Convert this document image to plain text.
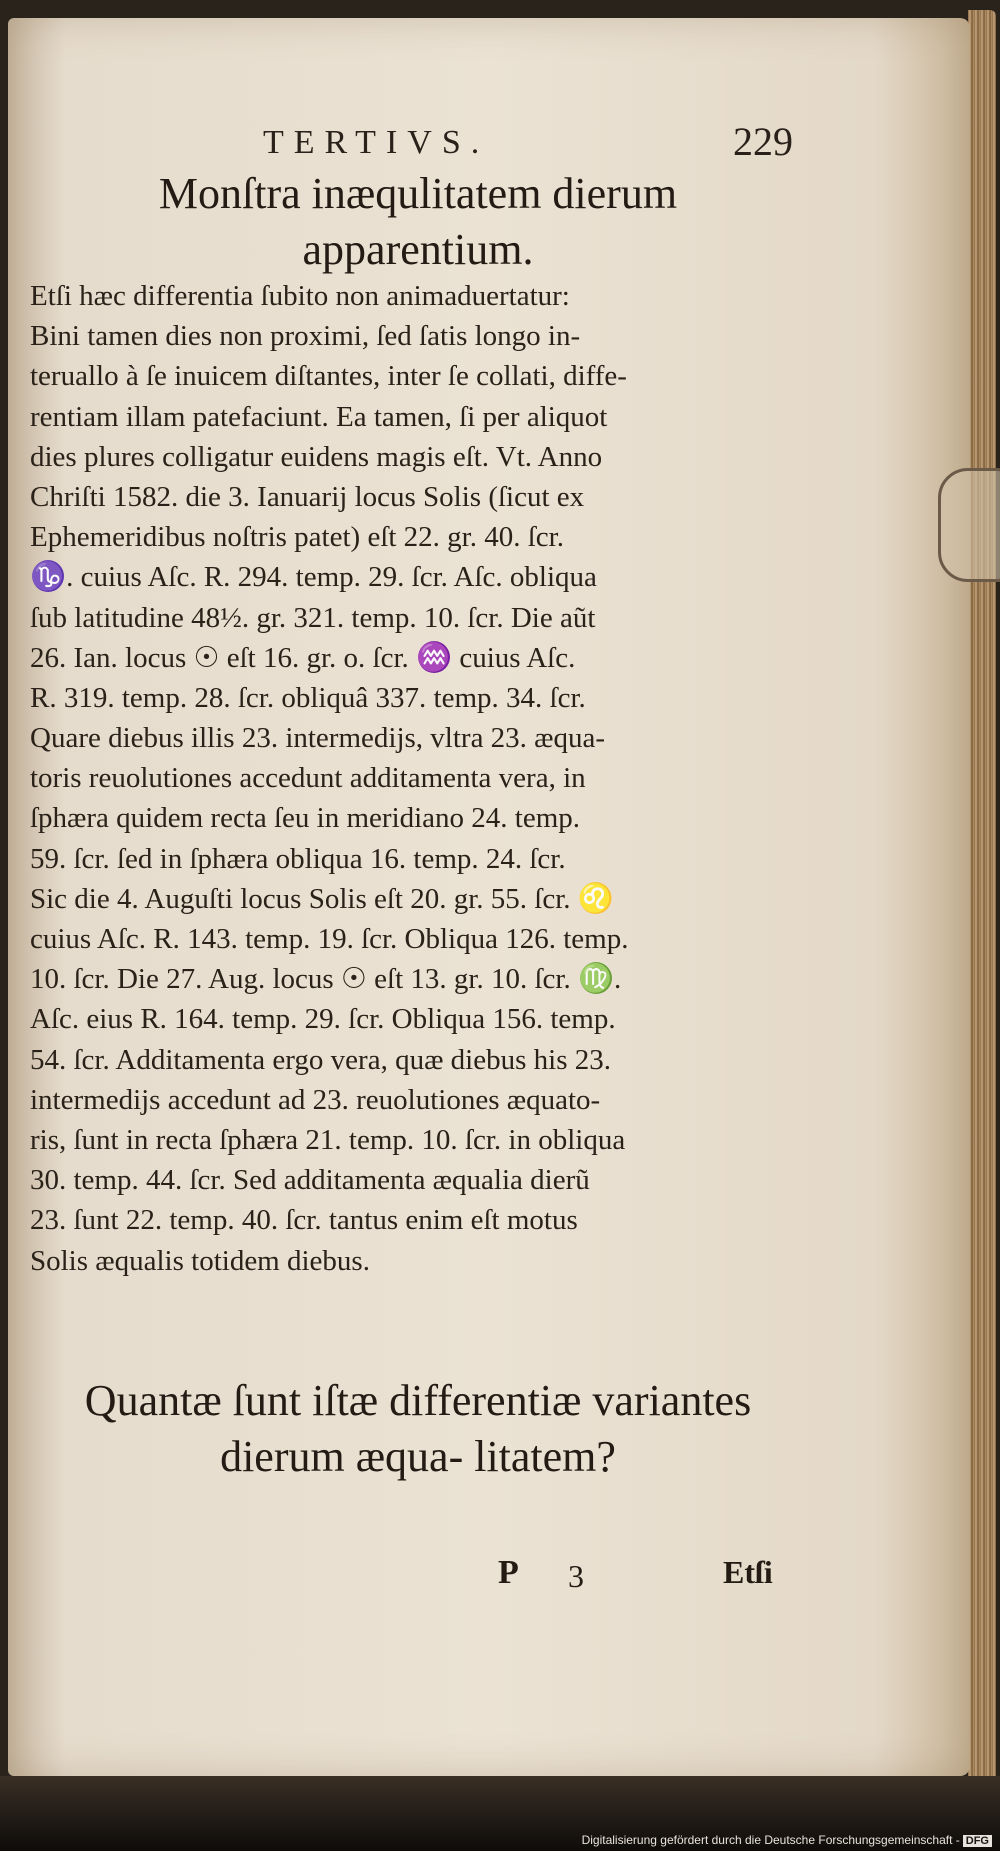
TERTIVS.	229
Monſtra inæqulitatem dierum apparentium.
Etſi hæc differentia ſubito non animaduertatur:
Bini tamen dies non proximi, ſed ſatis longo in-
teruallo à ſe inuicem diſtantes, inter ſe collati, diffe-
rentiam illam patefaciunt. Ea tamen, ſi per aliquot
dies plures colligatur euidens magis eſt. Vt. Anno
Chriſti 1582. die 3. Ianuarij locus Solis (ſicut ex
Ephemeridibus noſtris patet) eſt 22. gr. 40. ſcr.
♑. cuius Aſc. R. 294. temp. 29. ſcr. Aſc. obliqua
ſub latitudine 48½. gr. 321. temp. 10. ſcr. Die aũt
26. Ian. locus ☉ eſt 16. gr. o. ſcr. ♒ cuius Aſc.
R. 319. temp. 28. ſcr. obliquâ 337. temp. 34. ſcr.
Quare diebus illis 23. intermedijs, vltra 23. æqua-
toris reuolutiones accedunt additamenta vera, in
ſphæra quidem recta ſeu in meridiano 24. temp.
59. ſcr. ſed in ſphæra obliqua 16. temp. 24. ſcr.
Sic die 4. Auguſti locus Solis eſt 20. gr. 55. ſcr. ♌
cuius Aſc. R. 143. temp. 19. ſcr. Obliqua 126. temp.
10. ſcr. Die 27. Aug. locus ☉ eſt 13. gr. 10. ſcr. ♍.
Aſc. eius R. 164. temp. 29. ſcr. Obliqua 156. temp.
54. ſcr. Additamenta ergo vera, quæ diebus his 23.
intermedijs accedunt ad 23. reuolutiones æquato-
ris, ſunt in recta ſphæra 21. temp. 10. ſcr. in obliqua
30. temp. 44. ſcr. Sed additamenta æqualia dierũ
23. ſunt 22. temp. 40. ſcr. tantus enim eſt motus
Solis æqualis totidem diebus.
Quantæ ſunt iſtæ differentiæ variantes dierum æqua- litatem?
P 3	Etſi
Digitalisierung gefördert durch die Deutsche Forschungsgemeinschaft - DFG
